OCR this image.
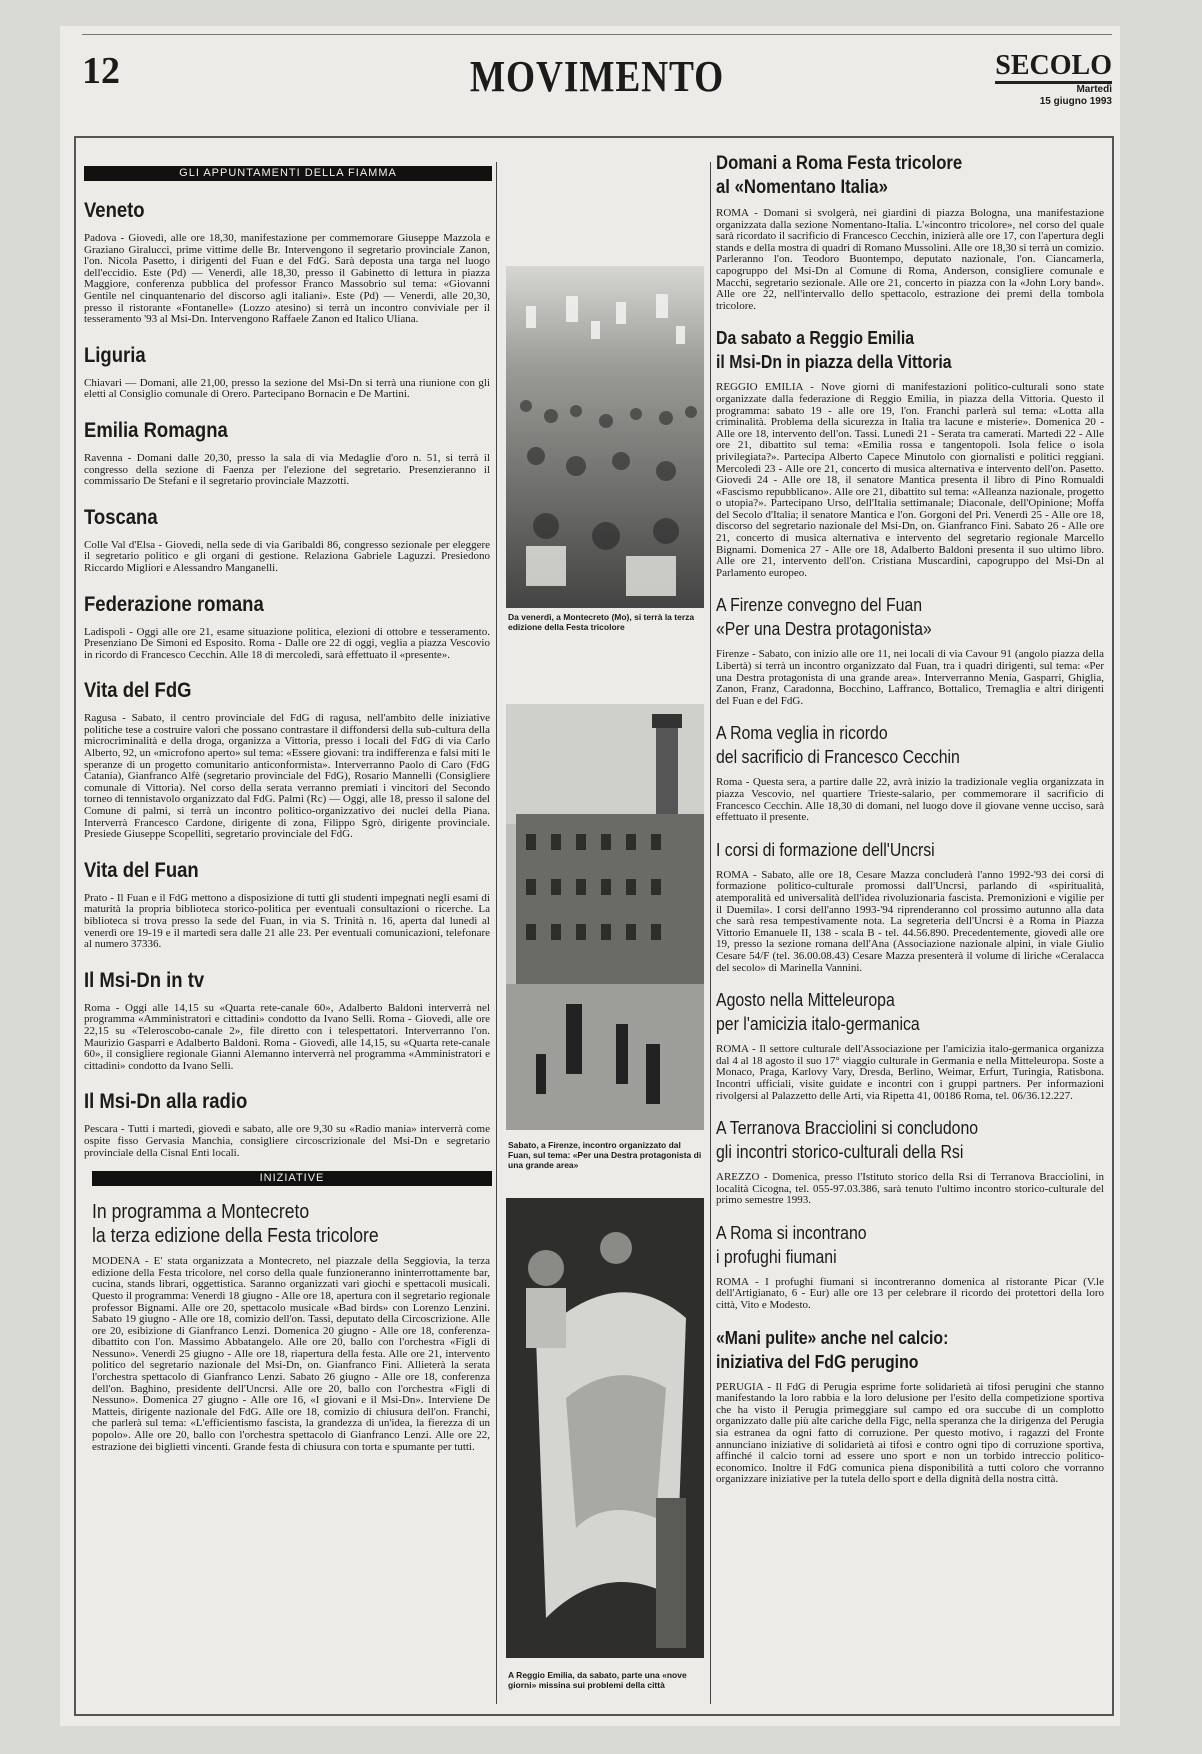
12	MOVIMENTO	SECOLO
Martedì
15 giugno 1993
GLI APPUNTAMENTI DELLA FIAMMA
Veneto

Padova - Giovedì, alle ore 18,30, manifestazione per commemorare Giuseppe Mazzola e Graziano Giralucci, prime vittime delle Br. Intervengono il segretario provinciale Zanon, l'on. Nicola Pasetto, i dirigenti del Fuan e del FdG. Sarà deposta una targa nel luogo dell'eccidio. Este (Pd) — Venerdì, alle 18,30, presso il Gabinetto di lettura in piazza Maggiore, conferenza pubblica del professor Franco Massobrio sul tema: «Giovanni Gentile nel cinquantenario del discorso agli italiani». Este (Pd) — Venerdì, alle 20,30, presso il ristorante «Fontanelle» (Lozzo atesino) si terrà un incontro conviviale per il tesseramento '93 al Msi-Dn. Intervengono Raffaele Zanon ed Italico Uliana.

Liguria

Chiavari — Domani, alle 21,00, presso la sezione del Msi-Dn si terrà una riunione con gli eletti al Consiglio comunale di Orero. Partecipano Bornacin e De Martini.

Emilia Romagna

Ravenna - Domani dalle 20,30, presso la sala di via Medaglie d'oro n. 51, si terrà il congresso della sezione di Faenza per l'elezione del segretario. Presenzieranno il commissario De Stefani e il segretario provinciale Mazzotti.

Toscana

Colle Val d'Elsa - Giovedì, nella sede di via Garibaldi 86, congresso sezionale per eleggere il segretario politico e gli organi di gestione. Relaziona Gabriele Laguzzi. Presiedono Riccardo Migliori e Alessandro Manganelli.

Federazione romana

Ladispoli - Oggi alle ore 21, esame situazione politica, elezioni di ottobre e tesseramento. Presenziano De Simoni ed Esposito. Roma - Dalle ore 22 di oggi, veglia a piazza Vescovio in ricordo di Francesco Cecchin. Alle 18 di mercoledì, sarà effettuato il «presente».

Vita del FdG

Ragusa - Sabato, il centro provinciale del FdG di ragusa, nell'ambito delle iniziative politiche tese a costruire valori che possano contrastare il diffondersi della sub-cultura della microcriminalità e della droga, organizza a Vittoria, presso i locali del FdG di via Carlo Alberto, 92, un «microfono aperto» sul tema: «Essere giovani: tra indifferenza e falsi miti le speranze di un progetto comunitario anticonformista». Interverranno Paolo di Caro (FdG Catania), Gianfranco Alfè (segretario provinciale del FdG), Rosario Mannelli (Consigliere comunale di Vittoria). Nel corso della serata verranno premiati i vincitori del Secondo torneo di tennistavolo organizzato dal FdG. Palmi (Rc) — Oggi, alle 18, presso il salone del Comune di palmi, si terrà un incontro politico-organizzativo dei nuclei della Piana. Interverrà Francesco Cardone, dirigente di zona, Filippo Sgrò, dirigente provinciale. Presiede Giuseppe Scopelliti, segretario provinciale del FdG.

Vita del Fuan

Prato - Il Fuan e il FdG mettono a disposizione di tutti gli studenti impegnati negli esami di maturità la propria biblioteca storico-politica per eventuali consultazioni o ricerche. La biblioteca si trova presso la sede del Fuan, in via S. Trinità n. 16, aperta dal lunedì al venerdì ore 19-19 e il martedì sera dalle 21 alle 23. Per eventuali comunicazioni, telefonare al numero 37336.

Il Msi-Dn in tv

Roma - Oggi alle 14,15 su «Quarta rete-canale 60», Adalberto Baldoni interverrà nel programma «Amministratori e cittadini» condotto da Ivano Sellì. Roma - Giovedì, alle ore 22,15 su «Teleroscobo-canale 2», file diretto con i telespettatori. Interverranno l'on. Maurizio Gasparri e Adalberto Baldoni. Roma - Giovedì, alle 14,15, su «Quarta rete-canale 60», il consigliere regionale Gianni Alemanno interverrà nel programma «Amministratori e cittadini» condotto da Ivano Sellì.

Il Msi-Dn alla radio

Pescara - Tutti i martedì, giovedì e sabato, alle ore 9,30 su «Radio mania» interverrà come ospite fisso Gervasia Manchia, consigliere circoscrizionale del Msi-Dn e segretario provinciale della Cisnal Enti locali.

INIZIATIVE
In programma a Montecreto
la terza edizione della Festa tricolore

MODENA - E' stata organizzata a Montecreto, nel piazzale della Seggiovia, la terza edizione della Festa tricolore, nel corso della quale funzioneranno ininterrottamente bar, cucina, stands librari, oggettistica. Saranno organizzati vari giochi e spettacoli musicali. Questo il programma: Venerdì 18 giugno - Alle ore 18, apertura con il segretario regionale professor Bignami. Alle ore 20, spettacolo musicale «Bad birds» con Lorenzo Lenzini. Sabato 19 giugno - Alle ore 18, comizio dell'on. Tassi, deputato della Circoscrizione. Alle ore 20, esibizione di Gianfranco Lenzi. Domenica 20 giugno - Alle ore 18, conferenza-dibattito con l'on. Massimo Abbatangelo. Alle ore 20, ballo con l'orchestra «Figli di Nessuno». Venerdì 25 giugno - Alle ore 18, riapertura della festa. Alle ore 21, intervento politico del segretario nazionale del Msi-Dn, on. Gianfranco Fini. Allieterà la serata l'orchestra spettacolo di Gianfranco Lenzi. Sabato 26 giugno - Alle ore 18, conferenza dell'on. Baghino, presidente dell'Uncrsi. Alle ore 20, ballo con l'orchestra «Figli di Nessuno». Domenica 27 giugno - Alle ore 16, «I giovani e il Msi-Dn». Interviene De Matteis, dirigente nazionale del FdG. Alle ore 18, comizio di chiusura dell'on. Franchi, che parlerà sul tema: «L'efficientismo fascista, la grandezza di un'idea, la fierezza di un popolo». Alle ore 20, ballo con l'orchestra spettacolo di Gianfranco Lenzi. Alle ore 22, estrazione dei biglietti vincenti. Grande festa di chiusura con torta e spumante per tutti.

Da venerdì, a Montecreto (Mo), si terrà la terza edizione della Festa tricolore
Sabato, a Firenze, incontro organizzato dal Fuan, sul tema: «Per una Destra protagonista di una grande area»
A Reggio Emilia, da sabato, parte una «nove giorni» missina sui problemi della città
Domani a Roma Festa tricolore
al «Nomentano Italia»

ROMA - Domani si svolgerà, nei giardini di piazza Bologna, una manifestazione organizzata dalla sezione Nomentano-Italia. L'«incontro tricolore», nel corso del quale sarà ricordato il sacrificio di Francesco Cecchin, inizierà alle ore 17, con l'apertura degli stands e della mostra di quadri di Romano Mussolini. Alle ore 18,30 si terrà un comizio. Parleranno l'on. Teodoro Buontempo, deputato nazionale, l'on. Ciancamerla, capogruppo del Msi-Dn al Comune di Roma, Anderson, consigliere comunale e Macchi, segretario sezionale. Alle ore 21, concerto in piazza con la «John Lory band». Alle ore 22, nell'intervallo dello spettacolo, estrazione dei premi della tombola tricolore.

Da sabato a Reggio Emilia
il Msi-Dn in piazza della Vittoria

REGGIO EMILIA - Nove giorni di manifestazioni politico-culturali sono state organizzate dalla federazione di Reggio Emilia, in piazza della Vittoria. Questo il programma: sabato 19 - alle ore 19, l'on. Franchi parlerà sul tema: «Lotta alla criminalità. Problema della sicurezza in Italia tra lacune e misterie». Domenica 20 - Alle ore 18, intervento dell'on. Tassi. Lunedì 21 - Serata tra camerati. Martedì 22 - Alle ore 21, dibattito sul tema: «Emilia rossa e tangentopoli. Isola felice o isola privilegiata?». Partecipa Alberto Capece Minutolo con giornalisti e politici reggiani. Mercoledì 23 - Alle ore 21, concerto di musica alternativa e intervento dell'on. Pasetto. Giovedì 24 - Alle ore 18, il senatore Mantica presenta il libro di Pino Romualdi «Fascismo repubblicano». Alle ore 21, dibattito sul tema: «Alleanza nazionale, progetto o utopia?». Partecipano Urso, dell'Italia settimanale; Diaconale, dell'Opinione; Moffa del Secolo d'Italia; il senatore Mantica e l'on. Gorgoni del Pri. Venerdì 25 - Alle ore 18, discorso del segretario nazionale del Msi-Dn, on. Gianfranco Fini. Sabato 26 - Alle ore 21, concerto di musica alternativa e intervento del segretario regionale Marcello Bignami. Domenica 27 - Alle ore 18, Adalberto Baldoni presenta il suo ultimo libro. Alle ore 21, intervento dell'on. Cristiana Muscardini, capogruppo del Msi-Dn al Parlamento europeo.

A Firenze convegno del Fuan
«Per una Destra protagonista»

Firenze - Sabato, con inizio alle ore 11, nei locali di via Cavour 91 (angolo piazza della Libertà) si terrà un incontro organizzato dal Fuan, tra i quadri dirigenti, sul tema: «Per una Destra protagonista di una grande area». Interverranno Menia, Gasparri, Ghiglia, Zanon, Franz, Caradonna, Bocchino, Laffranco, Bottalico, Tremaglia e altri dirigenti del Fuan e del FdG.

A Roma veglia in ricordo
del sacrificio di Francesco Cecchin

Roma - Questa sera, a partire dalle 22, avrà inizio la tradizionale veglia organizzata in piazza Vescovio, nel quartiere Trieste-salario, per commemorare il sacrificio di Francesco Cecchin. Alle 18,30 di domani, nel luogo dove il giovane venne ucciso, sarà effettuato il presente.

I corsi di formazione dell'Uncrsi

ROMA - Sabato, alle ore 18, Cesare Mazza concluderà l'anno 1992-'93 dei corsi di formazione politico-culturale promossi dall'Uncrsi, parlando di «spiritualità, atemporalità ed universalità dell'idea rivoluzionaria fascista. Premonizioni e vigilie per il Duemila». I corsi dell'anno 1993-'94 riprenderanno col prossimo autunno alla data che sarà resa tempestivamente nota. La segreteria dell'Uncrsi è a Roma in Piazza Vittorio Emanuele II, 138 - scala B - tel. 44.56.890. Precedentemente, giovedì alle ore 19, presso la sezione romana dell'Ana (Associazione nazionale alpini, in viale Giulio Cesare 54/F (tel. 36.00.08.43) Cesare Mazza presenterà il volume di liriche «Ceralacca del secolo» di Marinella Vannini.

Agosto nella Mitteleuropa
per l'amicizia italo-germanica

ROMA - Il settore culturale dell'Associazione per l'amicizia italo-germanica organizza dal 4 al 18 agosto il suo 17° viaggio culturale in Germania e nella Mitteleuropa. Soste a Monaco, Praga, Karlovy Vary, Dresda, Berlino, Weimar, Erfurt, Turingia, Ratisbona. Incontri ufficiali, visite guidate e incontri con i gruppi partners. Per informazioni rivolgersi al Palazzetto delle Arti, via Ripetta 41, 00186 Roma, tel. 06/36.12.227.

A Terranova Bracciolini si concludono
gli incontri storico-culturali della Rsi

AREZZO - Domenica, presso l'Istituto storico della Rsi di Terranova Bracciolini, in località Cicogna, tel. 055-97.03.386, sarà tenuto l'ultimo incontro storico-culturale del primo semestre 1993.

A Roma si incontrano
i profughi fiumani

ROMA - I profughi fiumani si incontreranno domenica al ristorante Picar (V.le dell'Artigianato, 6 - Eur) alle ore 13 per celebrare il ricordo dei protettori della loro città, Vito e Modesto.

«Mani pulite» anche nel calcio:
iniziativa del FdG perugino

PERUGIA - Il FdG di Perugia esprime forte solidarietà ai tifosi perugini che stanno manifestando la loro rabbia e la loro delusione per l'esito della competizione sportiva che ha visto il Perugia primeggiare sul campo ed ora succube di un complotto organizzato dalle più alte cariche della Figc, nella speranza che la dirigenza del Perugia sia estranea da ogni fatto di corruzione. Per questo motivo, i ragazzi del Fronte annunciano iniziative di solidarietà ai tifosi e contro ogni tipo di corruzione sportiva, affinché il calcio torni ad essere uno sport e non un torbido intreccio politico-economico. Inoltre il FdG comunica piena disponibilità a tutti coloro che vorranno organizzare iniziative per la tutela dello sport e della dignità della nostra città.
